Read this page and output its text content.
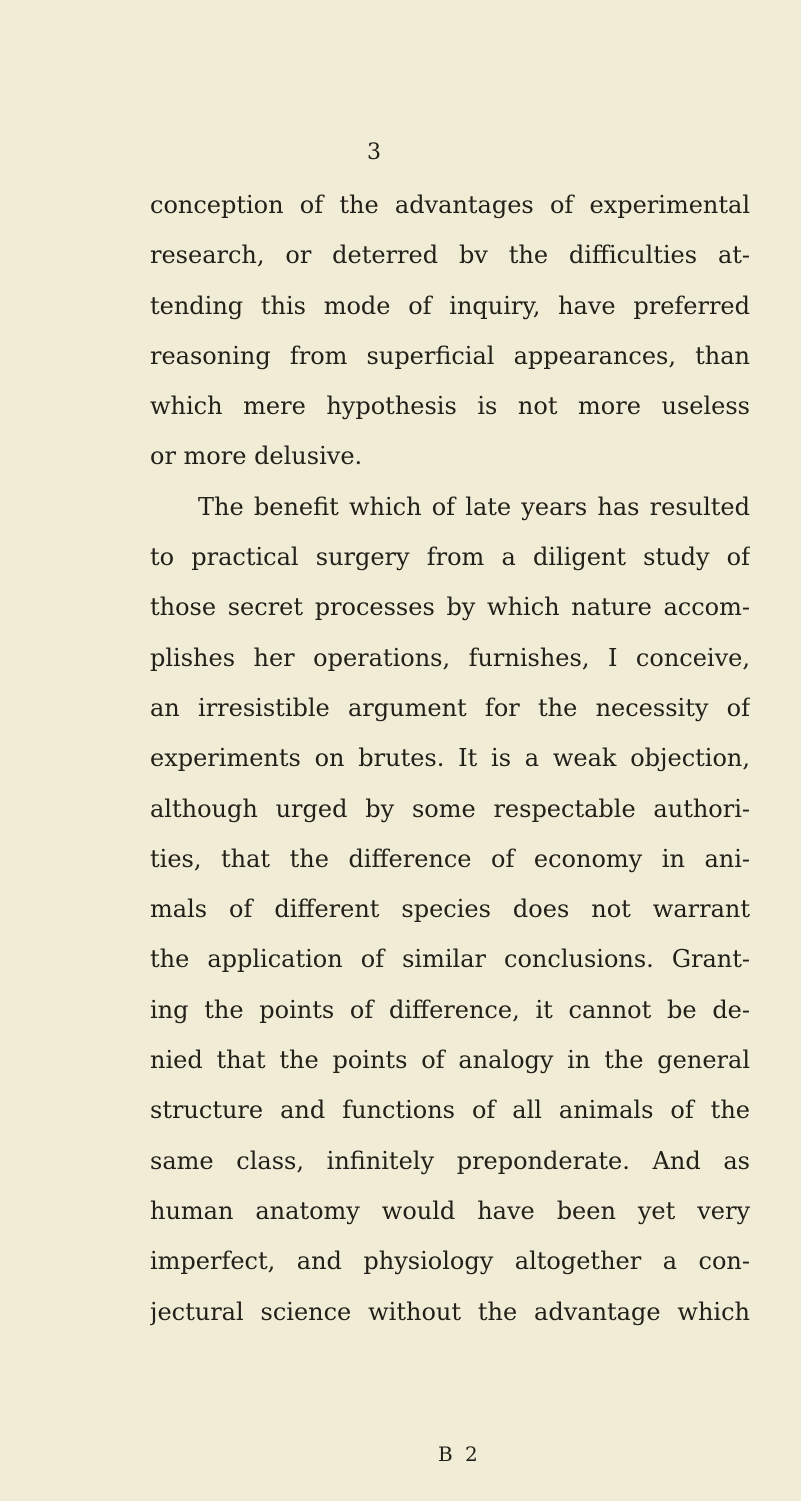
3
conception of the advantages of experimental
research, or deterred bv the difficulties at-
tending this mode of inquiry, have preferred
reasoning from superficial appearances, than
which mere hypothesis is not more useless
or more delusive.
The benefit which of late years has resulted
to practical surgery from a diligent study of
those secret processes by which nature accom-
plishes her operations, furnishes, I conceive,
an irresistible argument for the necessity of
experiments on brutes. It is a weak objection,
although urged by some respectable authori-
ties, that the difference of economy in ani-
mals of different species does not warrant
the application of similar conclusions. Grant-
ing the points of difference, it cannot be de-
nied that the points of analogy in the general
structure and functions of all animals of the
same class, infinitely preponderate. And as
human anatomy would have been yet very
imperfect, and physiology altogether a con-
jectural science without the advantage which
B 2
